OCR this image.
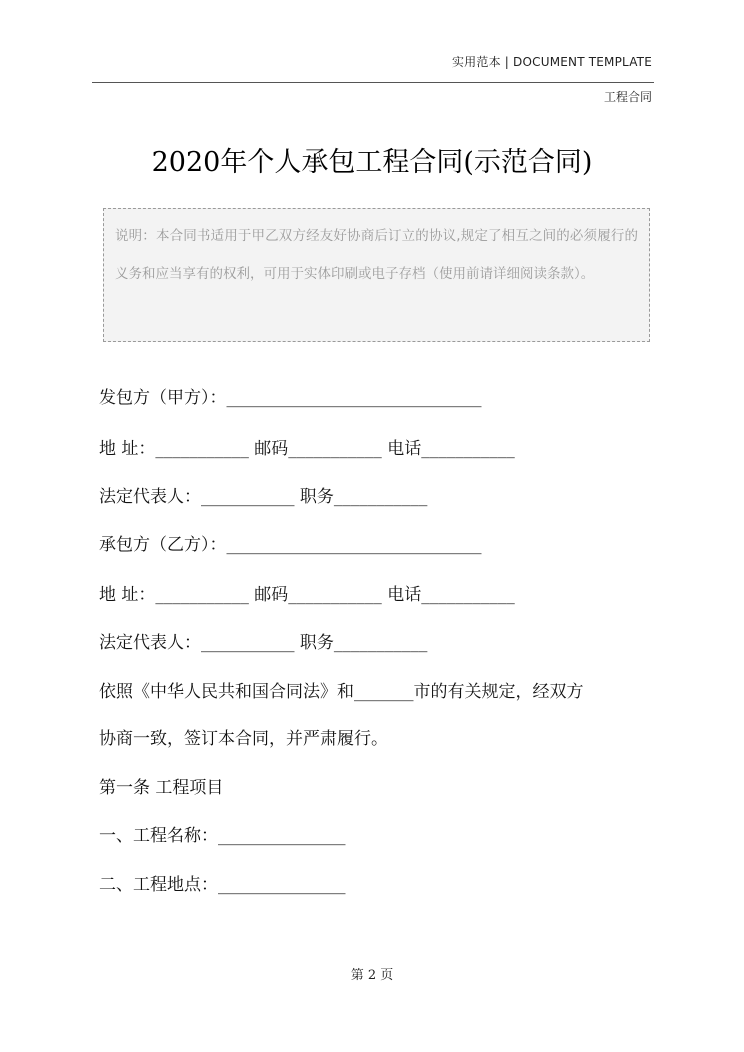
实用范本 | DOCUMENT TEMPLATE
工程合同
2020年个人承包工程合同(示范合同)
说明：本合同书适用于甲乙双方经友好协商后订立的协议,规定了相互之间的必须履行的义务和应当享有的权利，可用于实体印刷或电子存档（使用前请详细阅读条款）。
发包方（甲方）：______________________________
地 址：___________ 邮码___________ 电话___________
法定代表人：___________ 职务___________
承包方（乙方）：______________________________
地 址：___________ 邮码___________ 电话___________
法定代表人：___________ 职务___________
依照《中华人民共和国合同法》和_______市的有关规定，经双方
协商一致，签订本合同，并严肃履行。
第一条 工程项目
一、工程名称：_______________
二、工程地点：_______________
第 2 页
